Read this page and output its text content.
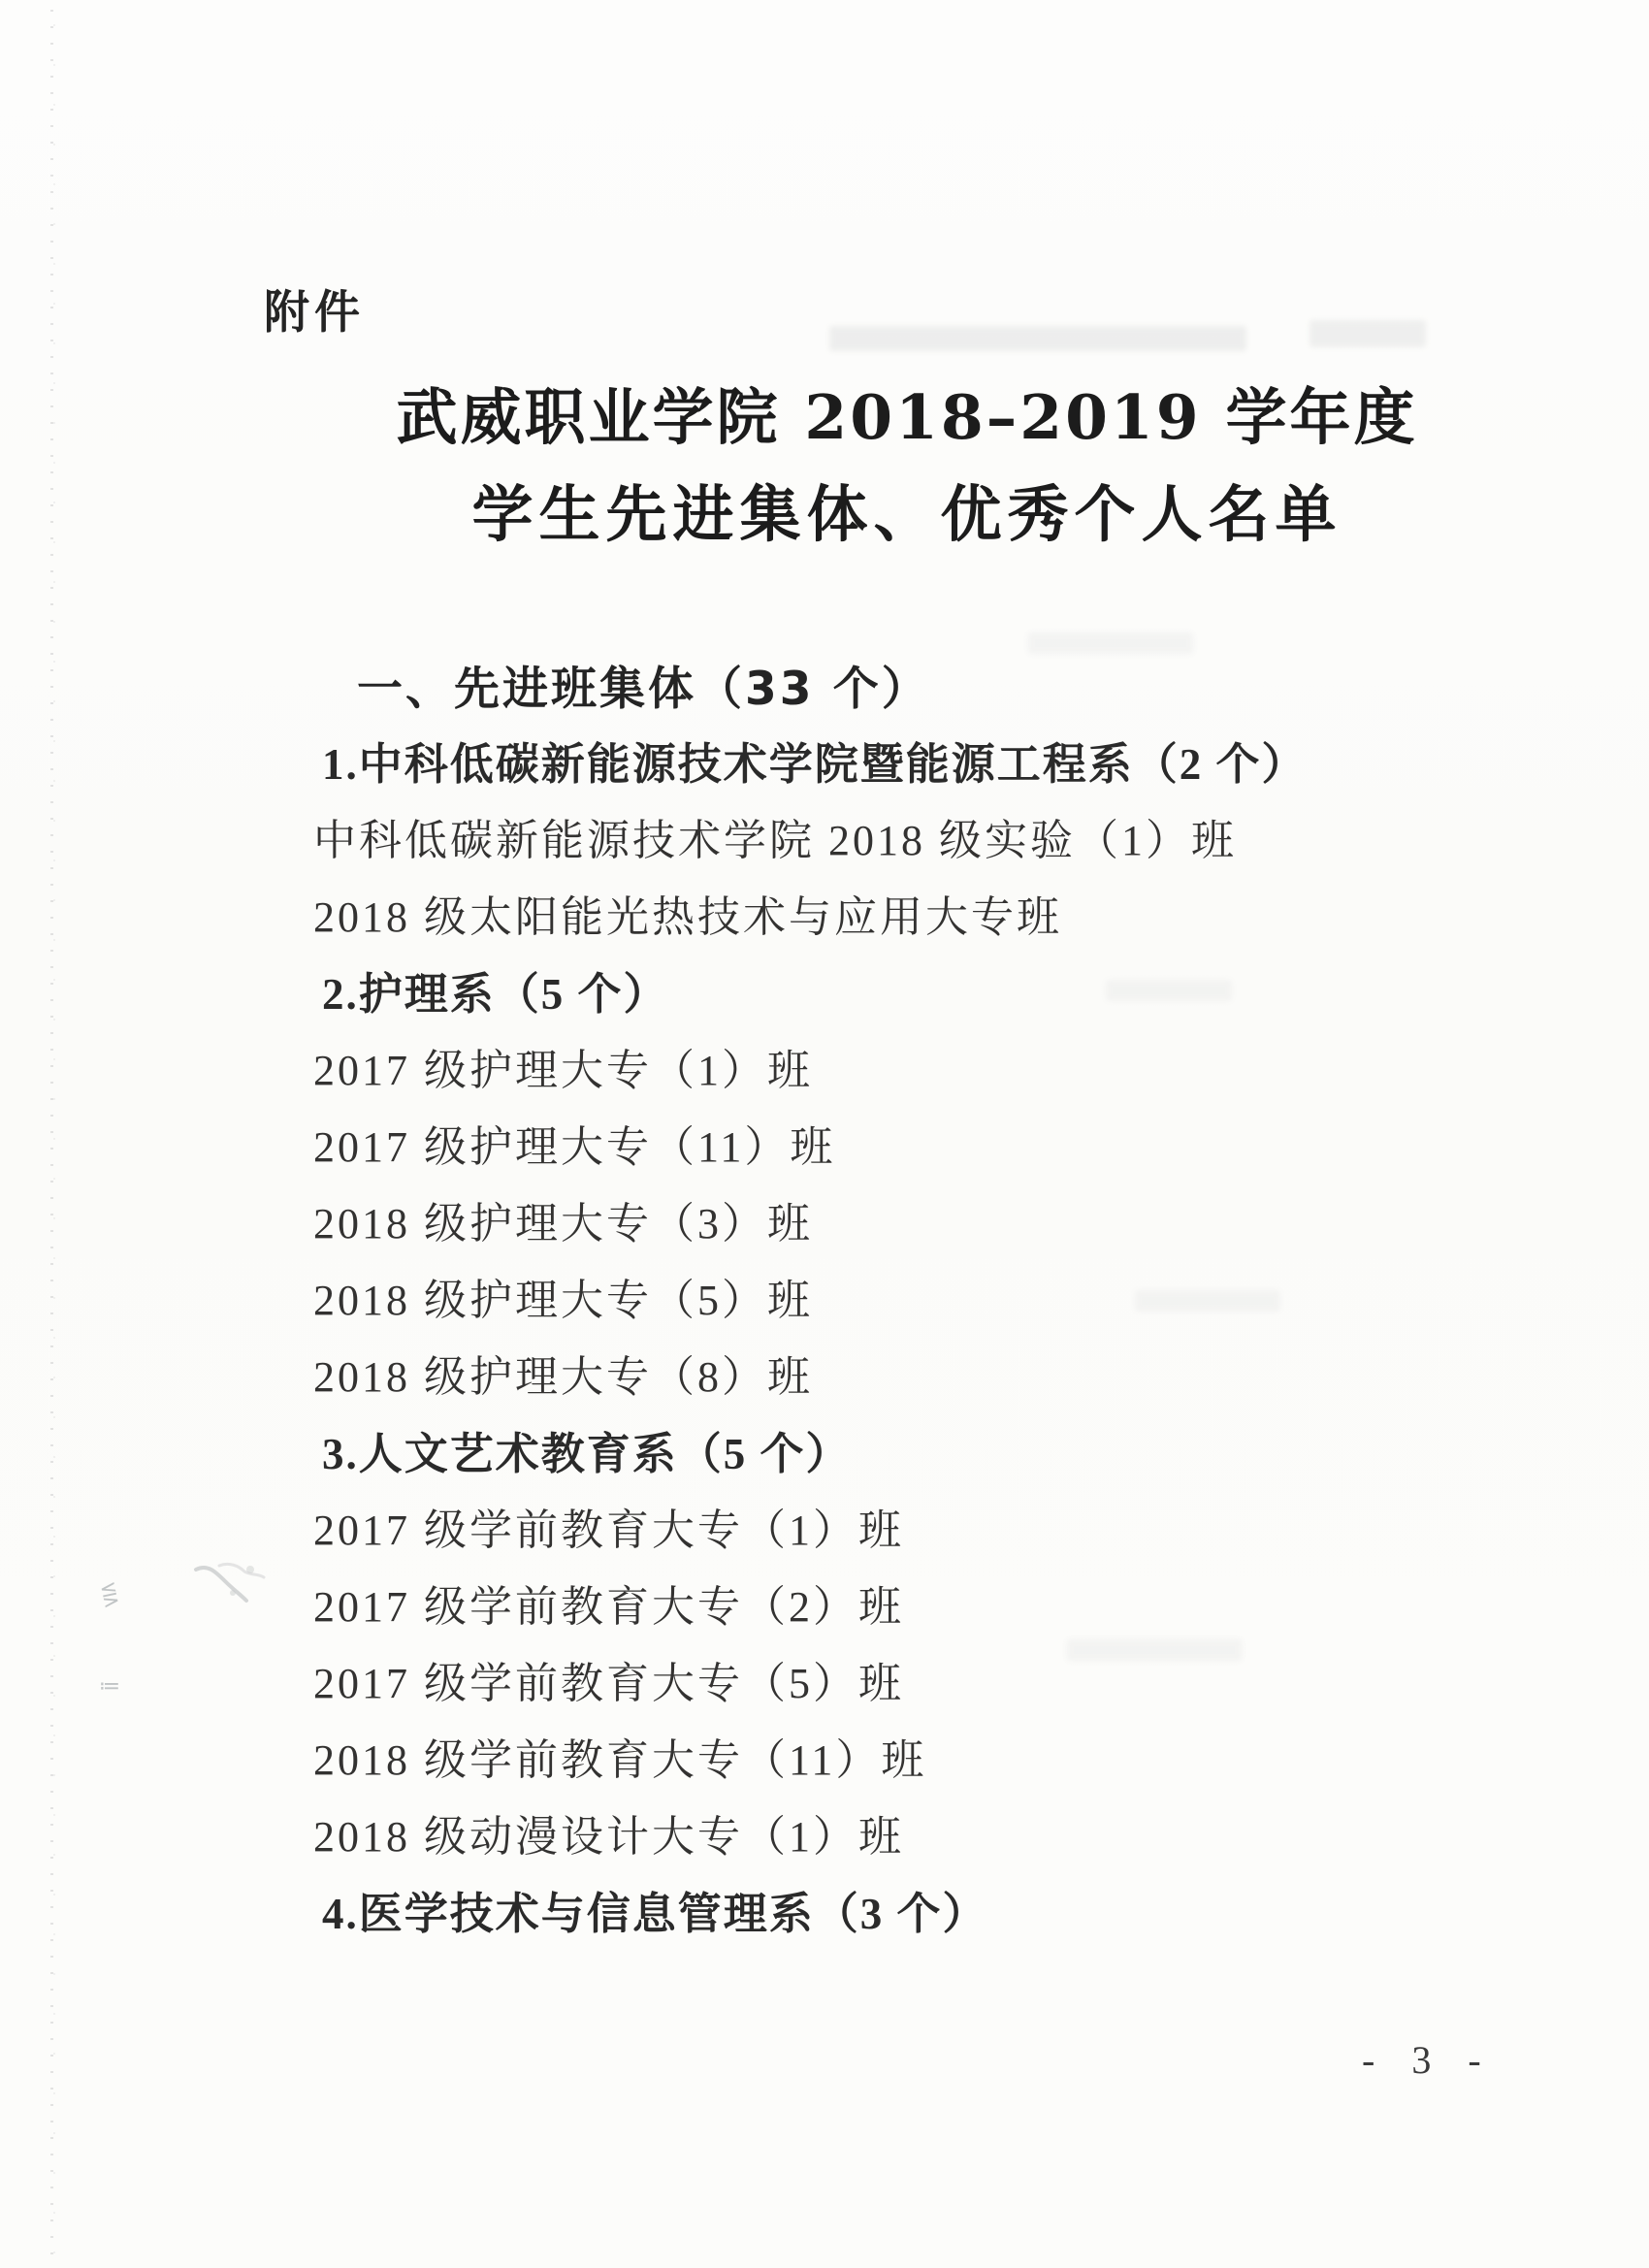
⋚
≔
附件
武威职业学院 2018–2019 学年度
学生先进集体、优秀个人名单
一、先进班集体（33 个）
1.中科低碳新能源技术学院暨能源工程系（2 个）
中科低碳新能源技术学院 2018 级实验（1）班
2018 级太阳能光热技术与应用大专班
2.护理系（5 个）
2017 级护理大专（1）班
2017 级护理大专（11）班
2018 级护理大专（3）班
2018 级护理大专（5）班
2018 级护理大专（8）班
3.人文艺术教育系（5 个）
2017 级学前教育大专（1）班
2017 级学前教育大专（2）班
2017 级学前教育大专（5）班
2018 级学前教育大专（11）班
2018 级动漫设计大专（1）班
4.医学技术与信息管理系（3 个）
- 3 -
